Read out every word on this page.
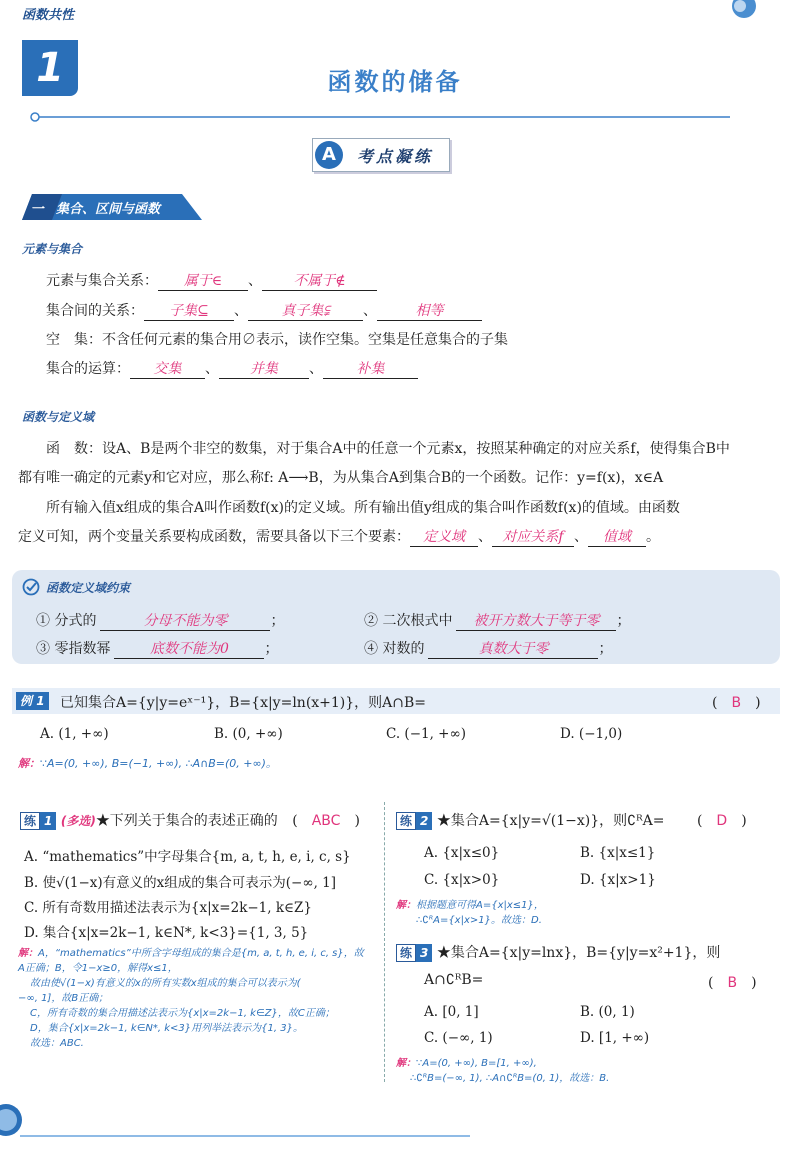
函数共性
1	函数的储备
A	考点凝练
一 集合、区间与函数
元素与集合
元素与集合关系： 属于∈ 、 不属于∉
集合间的关系： 子集⊆ 、 真子集⫋ 、	相等
空　集：不含任何元素的集合用∅表示，读作空集。空集是任意集合的子集
集合的运算： 交集 、 并集 、 补集
函数与定义域
函　数：设A、B是两个非空的数集，对于集合A中的任意一个元素x，按照某种确定的对应关系f，使得集合B中
都有唯一确定的元素y和它对应，那么称f: A⟶B，为从集合A到集合B的一个函数。记作：y=f(x)，x∈A
所有输入值x组成的集合A叫作函数f(x)的定义域。所有输出值y组成的集合叫作函数f(x)的值域。由函数
定义可知，两个变量关系要构成函数，需要具备以下三个要素： 定义域 、 对应关系f 、 值域 。
函数定义域约束
① 分式的	分母不能为零	；	② 二次根式中 被开方数大于等于零 ；
③ 零指数幂	底数不能为0	；	④ 对数的	真数大于零	；
例 1 已知集合A={y|y=eˣ⁻¹}，B={x|y=ln(x+1)}，则A∩B=	(　B　)
A. (1, +∞)	B. (0, +∞)	C. (−1, +∞)	D. (−1,0)
解：∵A=(0, +∞), B=(−1, +∞), ∴A∩B=(0, +∞)。
练 1 (多选)★下列关于集合的表述正确的 (　ABC　)
A. “mathematics”中字母集合{m, a, t, h, e, i, c, s}
B. 使√(1−x)有意义的x组成的集合可表示为(−∞, 1]
C. 所有奇数用描述法表示为{x|x=2k−1, k∈Z}
D. 集合{x|x=2k−1, k∈N*, k<3}={1, 3, 5}
解：A，“mathematics”中所含字母组成的集合是{m, a, t, h, e, i, c, s}，故
A正确；B，令1−x≥0，解得x≤1，
故由使√(1−x)有意义的x的所有实数x组成的集合可以表示为(
−∞, 1]，故B正确；
C，所有奇数的集合用描述法表示为{x|x=2k−1, k∈Z}，故C正确；
D，集合{x|x=2k−1, k∈N*, k<3}用列举法表示为{1, 3}。
故选：ABC.
练 2 ★集合A={x|y=√(1−x)}，则∁ᴿA= (　D　)
A. {x|x≤0}	B. {x|x≤1}
C. {x|x>0}	D. {x|x>1}
解：根据题意可得A={x|x≤1}，
∴∁ᴿA={x|x>1}。故选：D.
练 3 ★集合A={x|y=lnx}，B={y|y=x²+1}，则
A∩∁ᴿB=	(　B　)
A. [0, 1]	B. (0, 1)
C. (−∞, 1)	D. [1, +∞)
解：∵A=(0, +∞), B=[1, +∞),
∴∁ᴿB=(−∞, 1), ∴A∩∁ᴿB=(0, 1)，故选：B.
